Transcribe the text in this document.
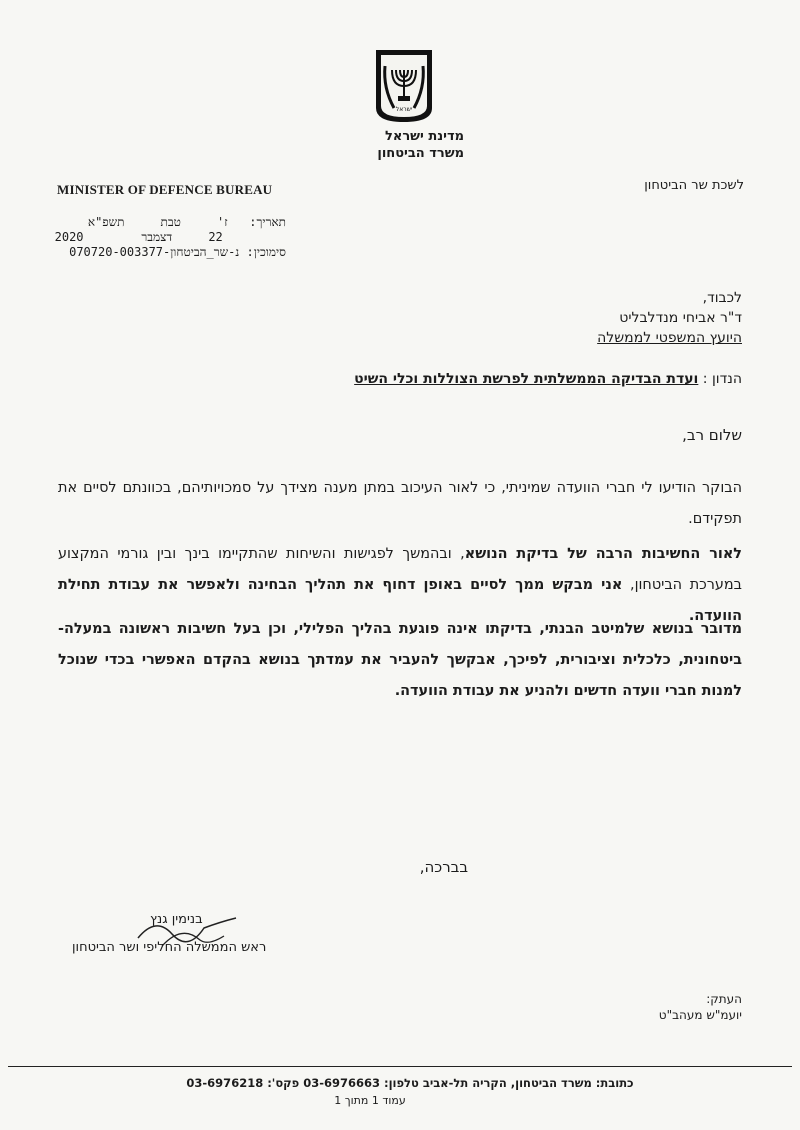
ישראל
מדינת ישראל
משרד הביטחון
MINISTER OF DEFENCE BUREAU	לשכת שר הביטחון
תאריך:   ז'     טבת     תשפ"א
22     דצמבר        2020
סימוכין: נ-שר_הביטחון-070720-003377
לכבוד,
ד"ר אביחי מנדלבליט
היועץ המשפטי לממשלה
הנדון : ועדת הבדיקה הממשלתית לפרשת הצוללות וכלי השיט
שלום רב,
הבוקר הודיעו לי חברי הוועדה שמיניתי, כי לאור העיכוב במתן מענה מצידך על סמכויותיהם, בכוונתם לסיים את תפקידם.
לאור החשיבות הרבה של בדיקת הנושא, ובהמשך לפגישות והשיחות שהתקיימו בינך ובין גורמי המקצוע במערכת הביטחון, אני מבקש ממך לסיים באופן דחוף את תהליך הבחינה ולאפשר את עבודת תחילת הוועדה.
מדובר בנושא שלמיטב הבנתי, בדיקתו אינה פוגעת בהליך הפלילי, וכן בעל חשיבות ראשונה במעלה- ביטחונית, כלכלית וציבורית, לפיכך, אבקשך להעביר את עמדתך בנושא בהקדם האפשרי בכדי שנוכל למנות חברי וועדה חדשים ולהניע את עבודת הוועדה.
בברכה,
בנימין גנץ
ראש הממשלה החליפי ושר הביטחון
העתק:
יועמ"ש מעהב"ט
כתובת: משרד הביטחון, הקריה תל-אביב טלפון: 03-6976663 פקס': 03-6976218
עמוד 1 מתוך 1
